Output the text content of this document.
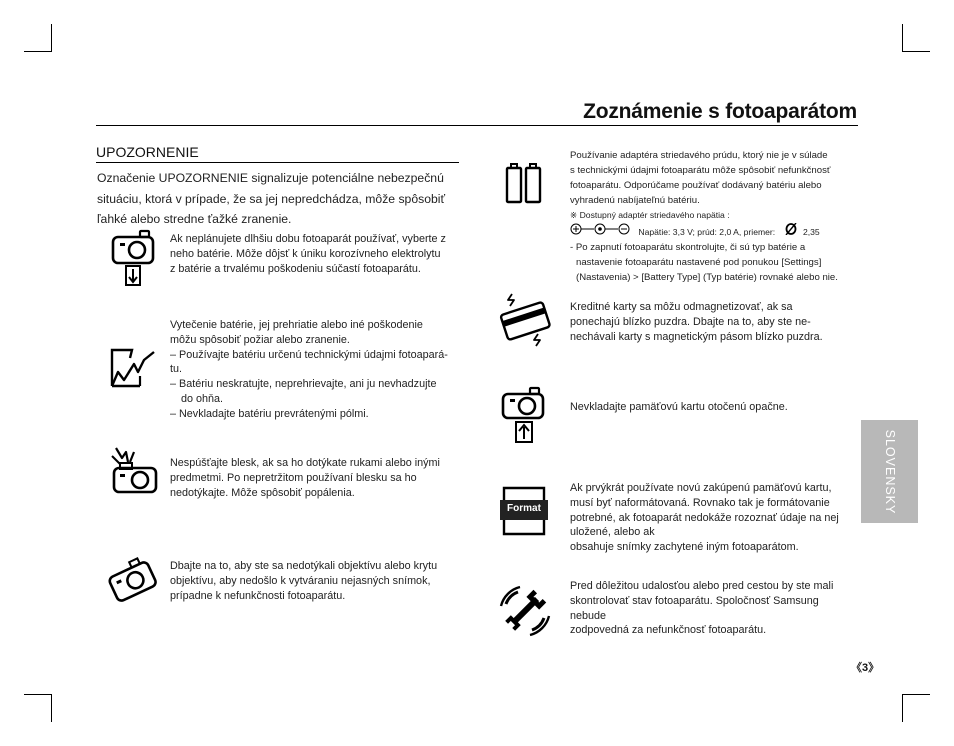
Zoznámenie s fotoaparátom
UPOZORNENIE

Označenie UPOZORNENIE signalizuje potenciálne nebezpečnú situáciu, ktorá v prípade, že sa jej nepredchádza, môže spôsobiť ľahké alebo stredne ťažké zranenie.

Ak neplánujete dlhšiu dobu fotoaparát používať, vyberte z
neho batérie. Môže dôjsť k úniku korozívneho elektrolytu
z batérie a trvalému poškodeniu súčastí fotoaparátu.
Vytečenie batérie, jej prehriatie alebo iné poškodenie
môžu spôsobiť požiar alebo zranenie.
– Používajte batériu určenú technickými údajmi fotoapará-
tu.
– Batériu neskratujte, neprehrievajte, ani ju nevhadzujte
do ohňa.
– Nevkladajte batériu prevrátenými pólmi.
Nespúšťajte blesk, ak sa ho dotýkate rukami alebo inými
predmetmi. Po nepretržitom používaní blesku sa ho
nedotýkajte. Môže spôsobiť popálenia.
Dbajte na to, aby ste sa nedotýkali objektívu alebo krytu
objektívu, aby nedošlo k vytváraniu nejasných snímok,
prípadne k nefunkčnosti fotoaparátu.
Používanie adaptéra striedavého prúdu, ktorý nie je v súlade
s technickými údajmi fotoaparátu môže spôsobiť nefunkčnosť
fotoaparátu. Odporúčame používať dodávaný batériu alebo
vyhradenú nabíjateľnú batériu.
※ Dostupný adaptér striedavého napätia :
Napätie: 3,3 V; prúd: 2,0 A, priemer:	2,35
- Po zapnutí fotoaparátu skontrolujte, či sú typ batérie a
nastavenie fotoaparátu nastavené pod ponukou [Settings]
(Nastavenia) > [Battery Type] (Typ batérie) rovnaké alebo nie.
Kreditné karty sa môžu odmagnetizovať, ak sa
ponechajú blízko puzdra. Dbajte na to, aby ste ne-
nechávali karty s magnetickým pásom blízko puzdra.
Nevkladajte pamäťovú kartu otočenú opačne.
Format
Ak prvýkrát používate novú zakúpenú pamäťovú kartu,
musí byť naformátovaná. Rovnako tak je formátovanie
potrebné, ak fotoaparát nedokáže rozoznať údaje na nej
uložené, alebo ak
obsahuje snímky zachytené iným fotoaparátom.
Pred dôležitou udalosťou alebo pred cestou by ste mali
skontrolovať stav fotoaparátu. Spoločnosť Samsung
nebude
zodpovedná za nefunkčnosť fotoaparátu.
SLOVENSKY
《3》
